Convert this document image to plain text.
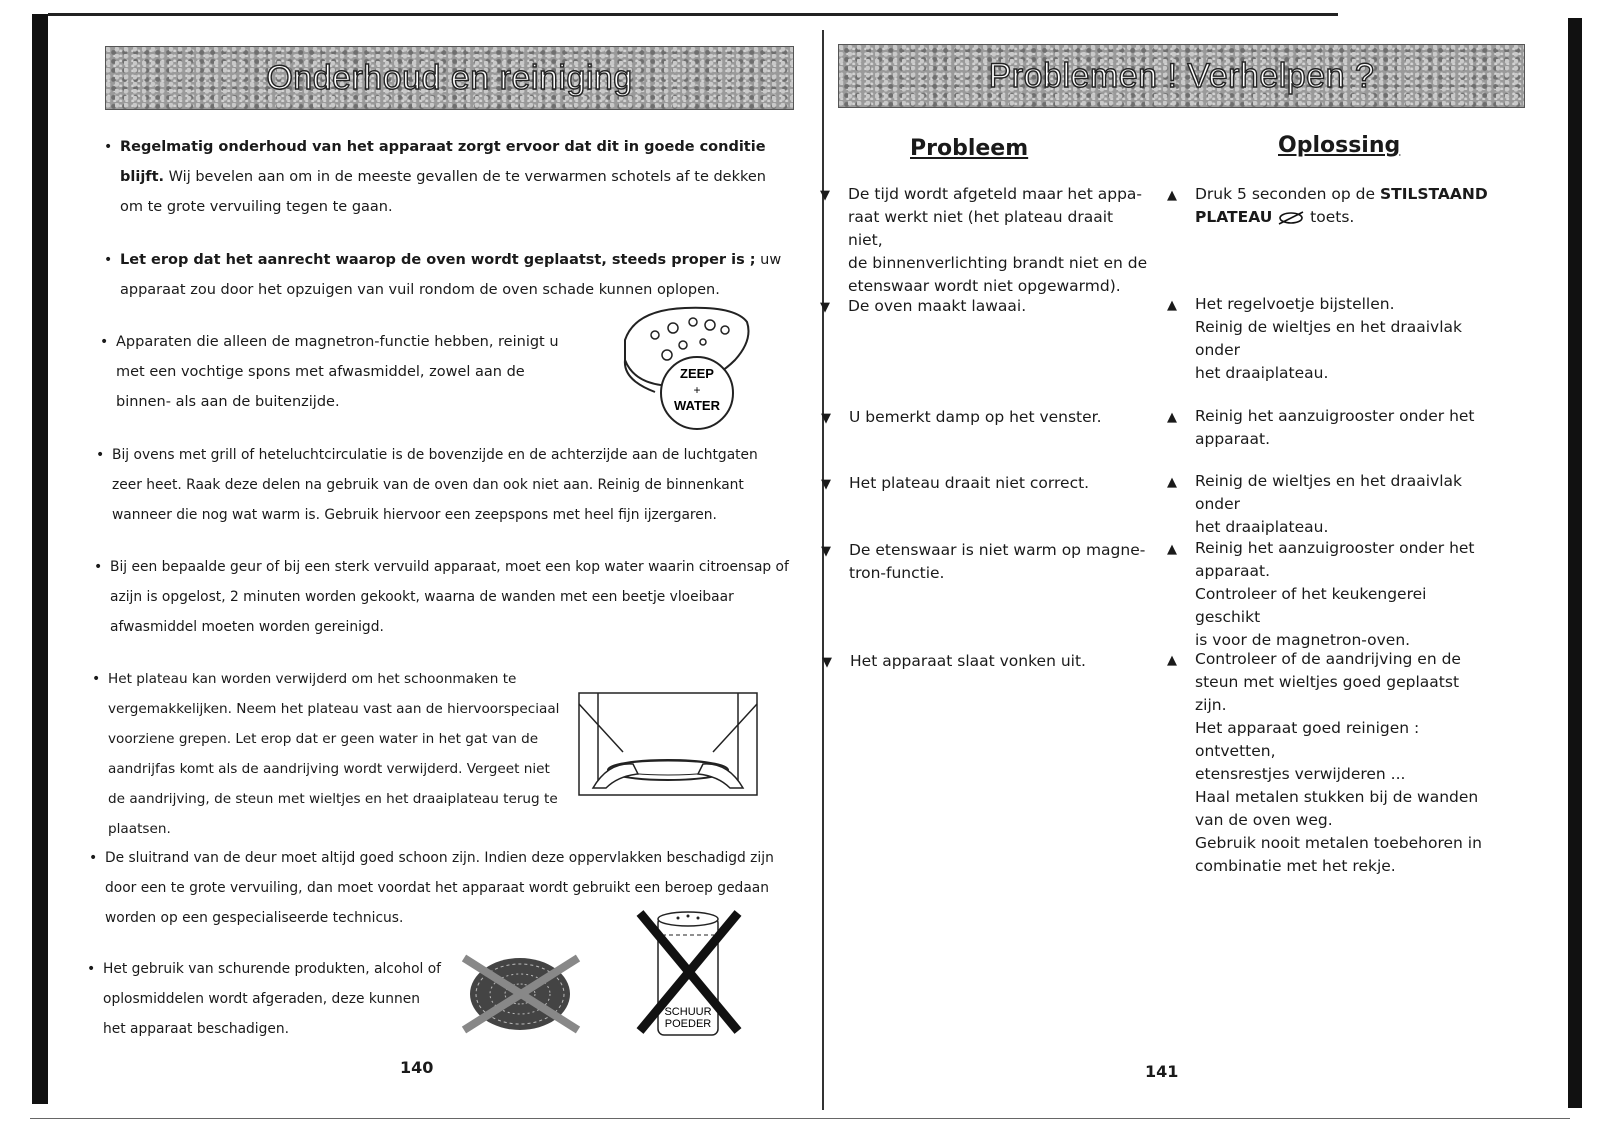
Onderhoud en reiniging
• Regelmatig onderhoud van het apparaat zorgt ervoor dat dit in goede conditie blijft. Wij bevelen aan om in de meeste gevallen de te verwarmen schotels af te dekken om te grote vervuiling tegen te gaan.
• Let erop dat het aanrecht waarop de oven wordt geplaatst, steeds proper is ; uw apparaat zou door het opzuigen van vuil rondom de oven schade kunnen oplopen.
• Apparaten die alleen de magnetron-functie hebben, reinigt u met een vochtige spons met afwasmiddel, zowel aan de binnen- als aan de buitenzijde.
• Bij ovens met grill of heteluchtcirculatie is de bovenzijde en de achterzijde aan de luchtgaten zeer heet. Raak deze delen na gebruik van de oven dan ook niet aan. Reinig de binnenkant wanneer die nog wat warm is. Gebruik hiervoor een zeepspons met heel fijn ijzergaren.
• Bij een bepaalde geur of bij een sterk vervuild apparaat, moet een kop water waarin citroensap of azijn is opgelost, 2 minuten worden gekookt, waarna de wanden met een beetje vloeibaar afwasmiddel moeten worden gereinigd.
• Het plateau kan worden verwijderd om het schoonmaken te vergemakkelijken. Neem het plateau vast aan de hiervoorspeciaal voorziene grepen. Let erop dat er geen water in het gat van de aandrijfas komt als de aandrijving wordt verwijderd. Vergeet niet de aandrijving, de steun met wieltjes en het draaiplateau terug te plaatsen.
• De sluitrand van de deur moet altijd goed schoon zijn. Indien deze oppervlakken beschadigd zijn door een te grote vervuiling, dan moet voordat het apparaat wordt gebruikt een beroep gedaan worden op een gespecialiseerde technicus.
• Het gebruik van schurende produkten, alcohol of oplosmiddelen wordt afgeraden, deze kunnen het apparaat beschadigen.
ZEEP
+
WATER
SCHUUR
POEDER
140
Problemen ! Verhelpen ?
Probleem	Oplossing
▼ De tijd wordt afgeteld maar het appa-
raat werkt niet (het plateau draait niet,
de binnenverlichting brandt niet en de
etenswaar wordt niet opgewarmd).
▲ Druk 5 seconden op de STILSTAAND PLATEAU  toets.
▼ De oven maakt lawaai.	▲ Het regelvoetje bijstellen.
Reinig de wieltjes en het draaivlak onder
het draaiplateau.
▼ U bemerkt damp op het venster.	▲ Reinig het aanzuigrooster onder het
apparaat.
▼ Het plateau draait niet correct.	▲ Reinig de wieltjes en het draaivlak onder
het draaiplateau.
▼ De etenswaar is niet warm op magne-
tron-functie.
▲ Reinig het aanzuigrooster onder het
apparaat.
Controleer of het keukengerei geschikt
is voor de magnetron-oven.
▼ Het apparaat slaat vonken uit.	▲ Controleer of de aandrijving en de
steun met wieltjes goed geplaatst zijn.
Het apparaat goed reinigen : ontvetten,
etensrestjes verwijderen ...
Haal metalen stukken bij de wanden
van de oven weg.
Gebruik nooit metalen toebehoren in
combinatie met het rekje.
141
